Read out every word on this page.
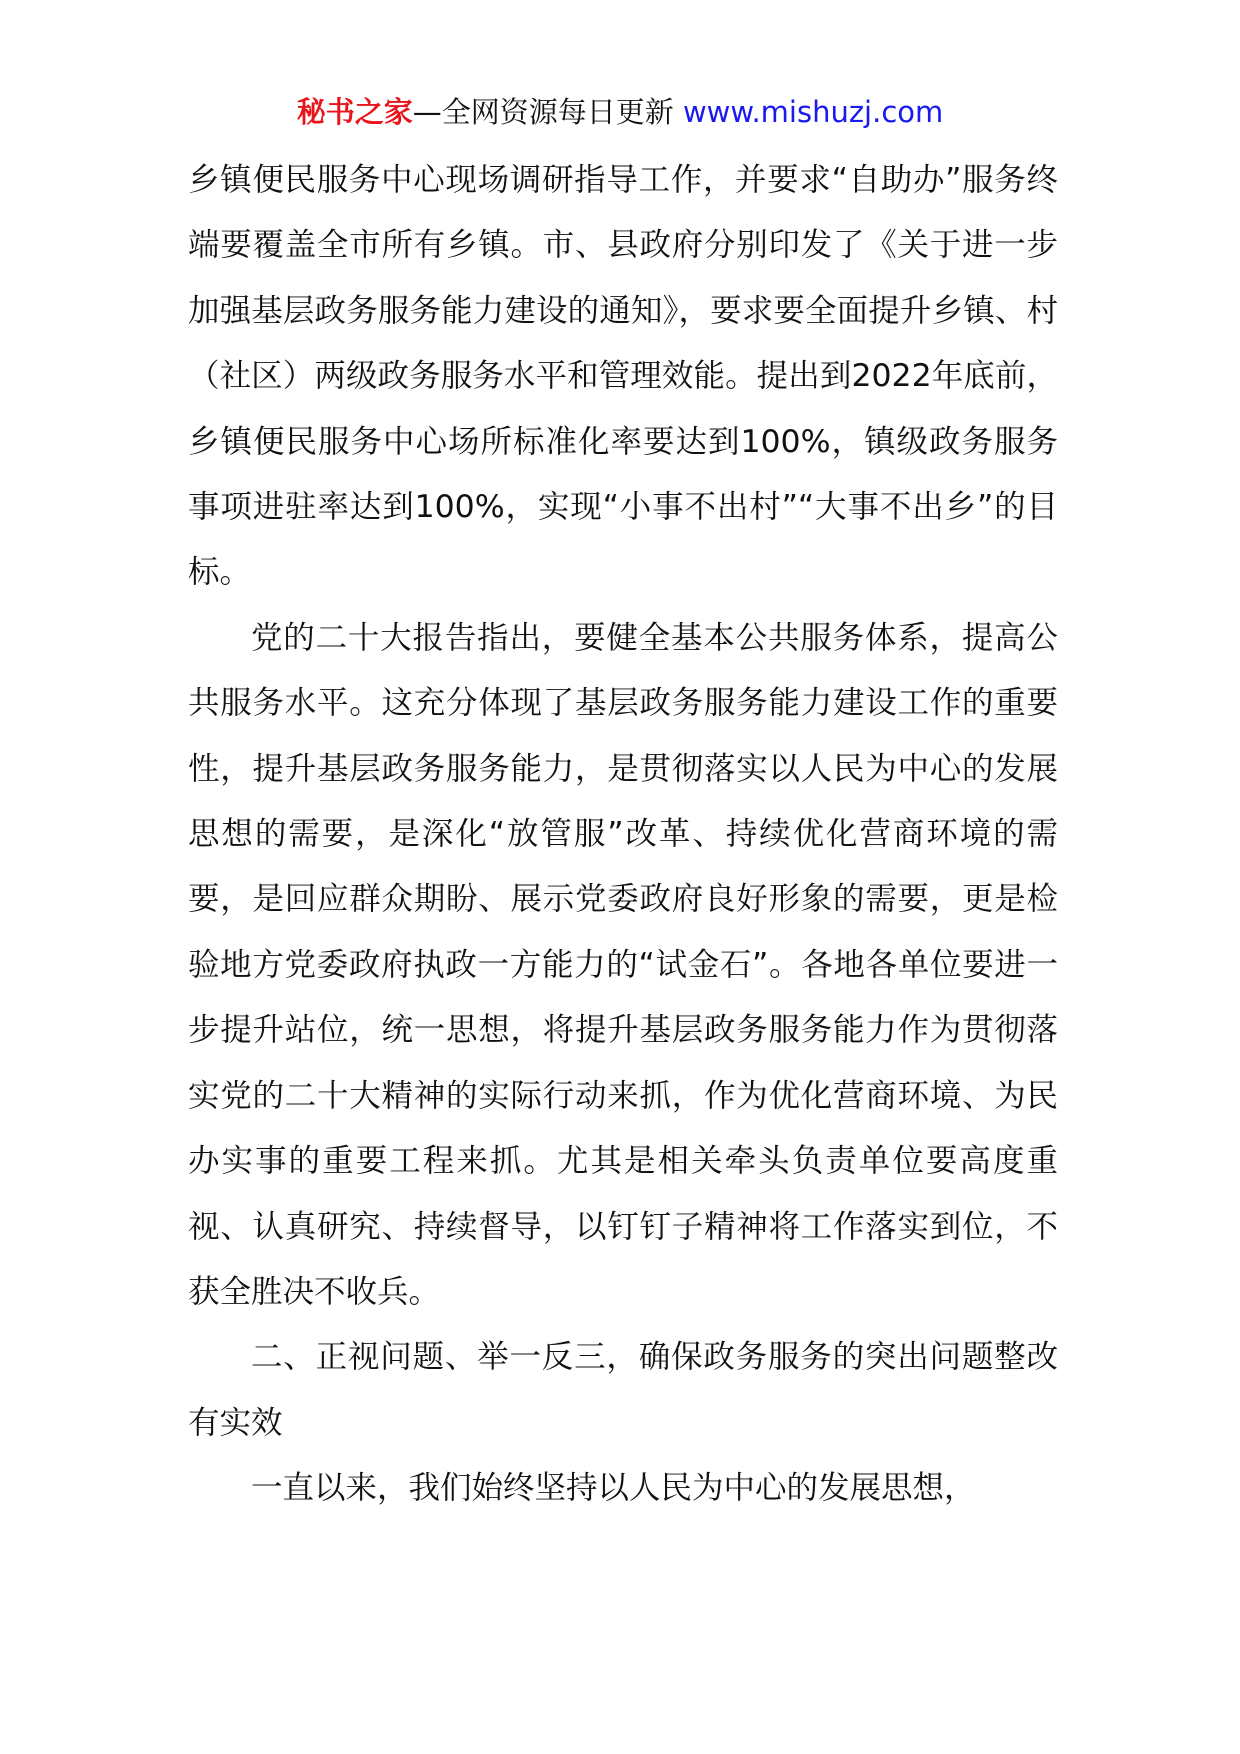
秘书之家—全网资源每日更新 www.mishuzj.com

乡镇便民服务中心现场调研指导工作，并要求“自助办”服务终端要覆盖全市所有乡镇。市、县政府分别印发了《关于进一步加强基层政务服务能力建设的通知》，要求要全面提升乡镇、村（社区）两级政务服务水平和管理效能。提出到2022年底前，乡镇便民服务中心场所标准化率要达到100%，镇级政务服务事项进驻率达到100%，实现“小事不出村”“大事不出乡”的目标。

党的二十大报告指出，要健全基本公共服务体系，提高公共服务水平。这充分体现了基层政务服务能力建设工作的重要性，提升基层政务服务能力，是贯彻落实以人民为中心的发展思想的需要，是深化“放管服”改革、持续优化营商环境的需要，是回应群众期盼、展示党委政府良好形象的需要，更是检验地方党委政府执政一方能力的“试金石”。各地各单位要进一步提升站位，统一思想，将提升基层政务服务能力作为贯彻落实党的二十大精神的实际行动来抓，作为优化营商环境、为民办实事的重要工程来抓。尤其是相关牵头负责单位要高度重视、认真研究、持续督导，以钉钉子精神将工作落实到位，不获全胜决不收兵。

二、正视问题、举一反三，确保政务服务的突出问题整改有实效

一直以来，我们始终坚持以人民为中心的发展思想，
